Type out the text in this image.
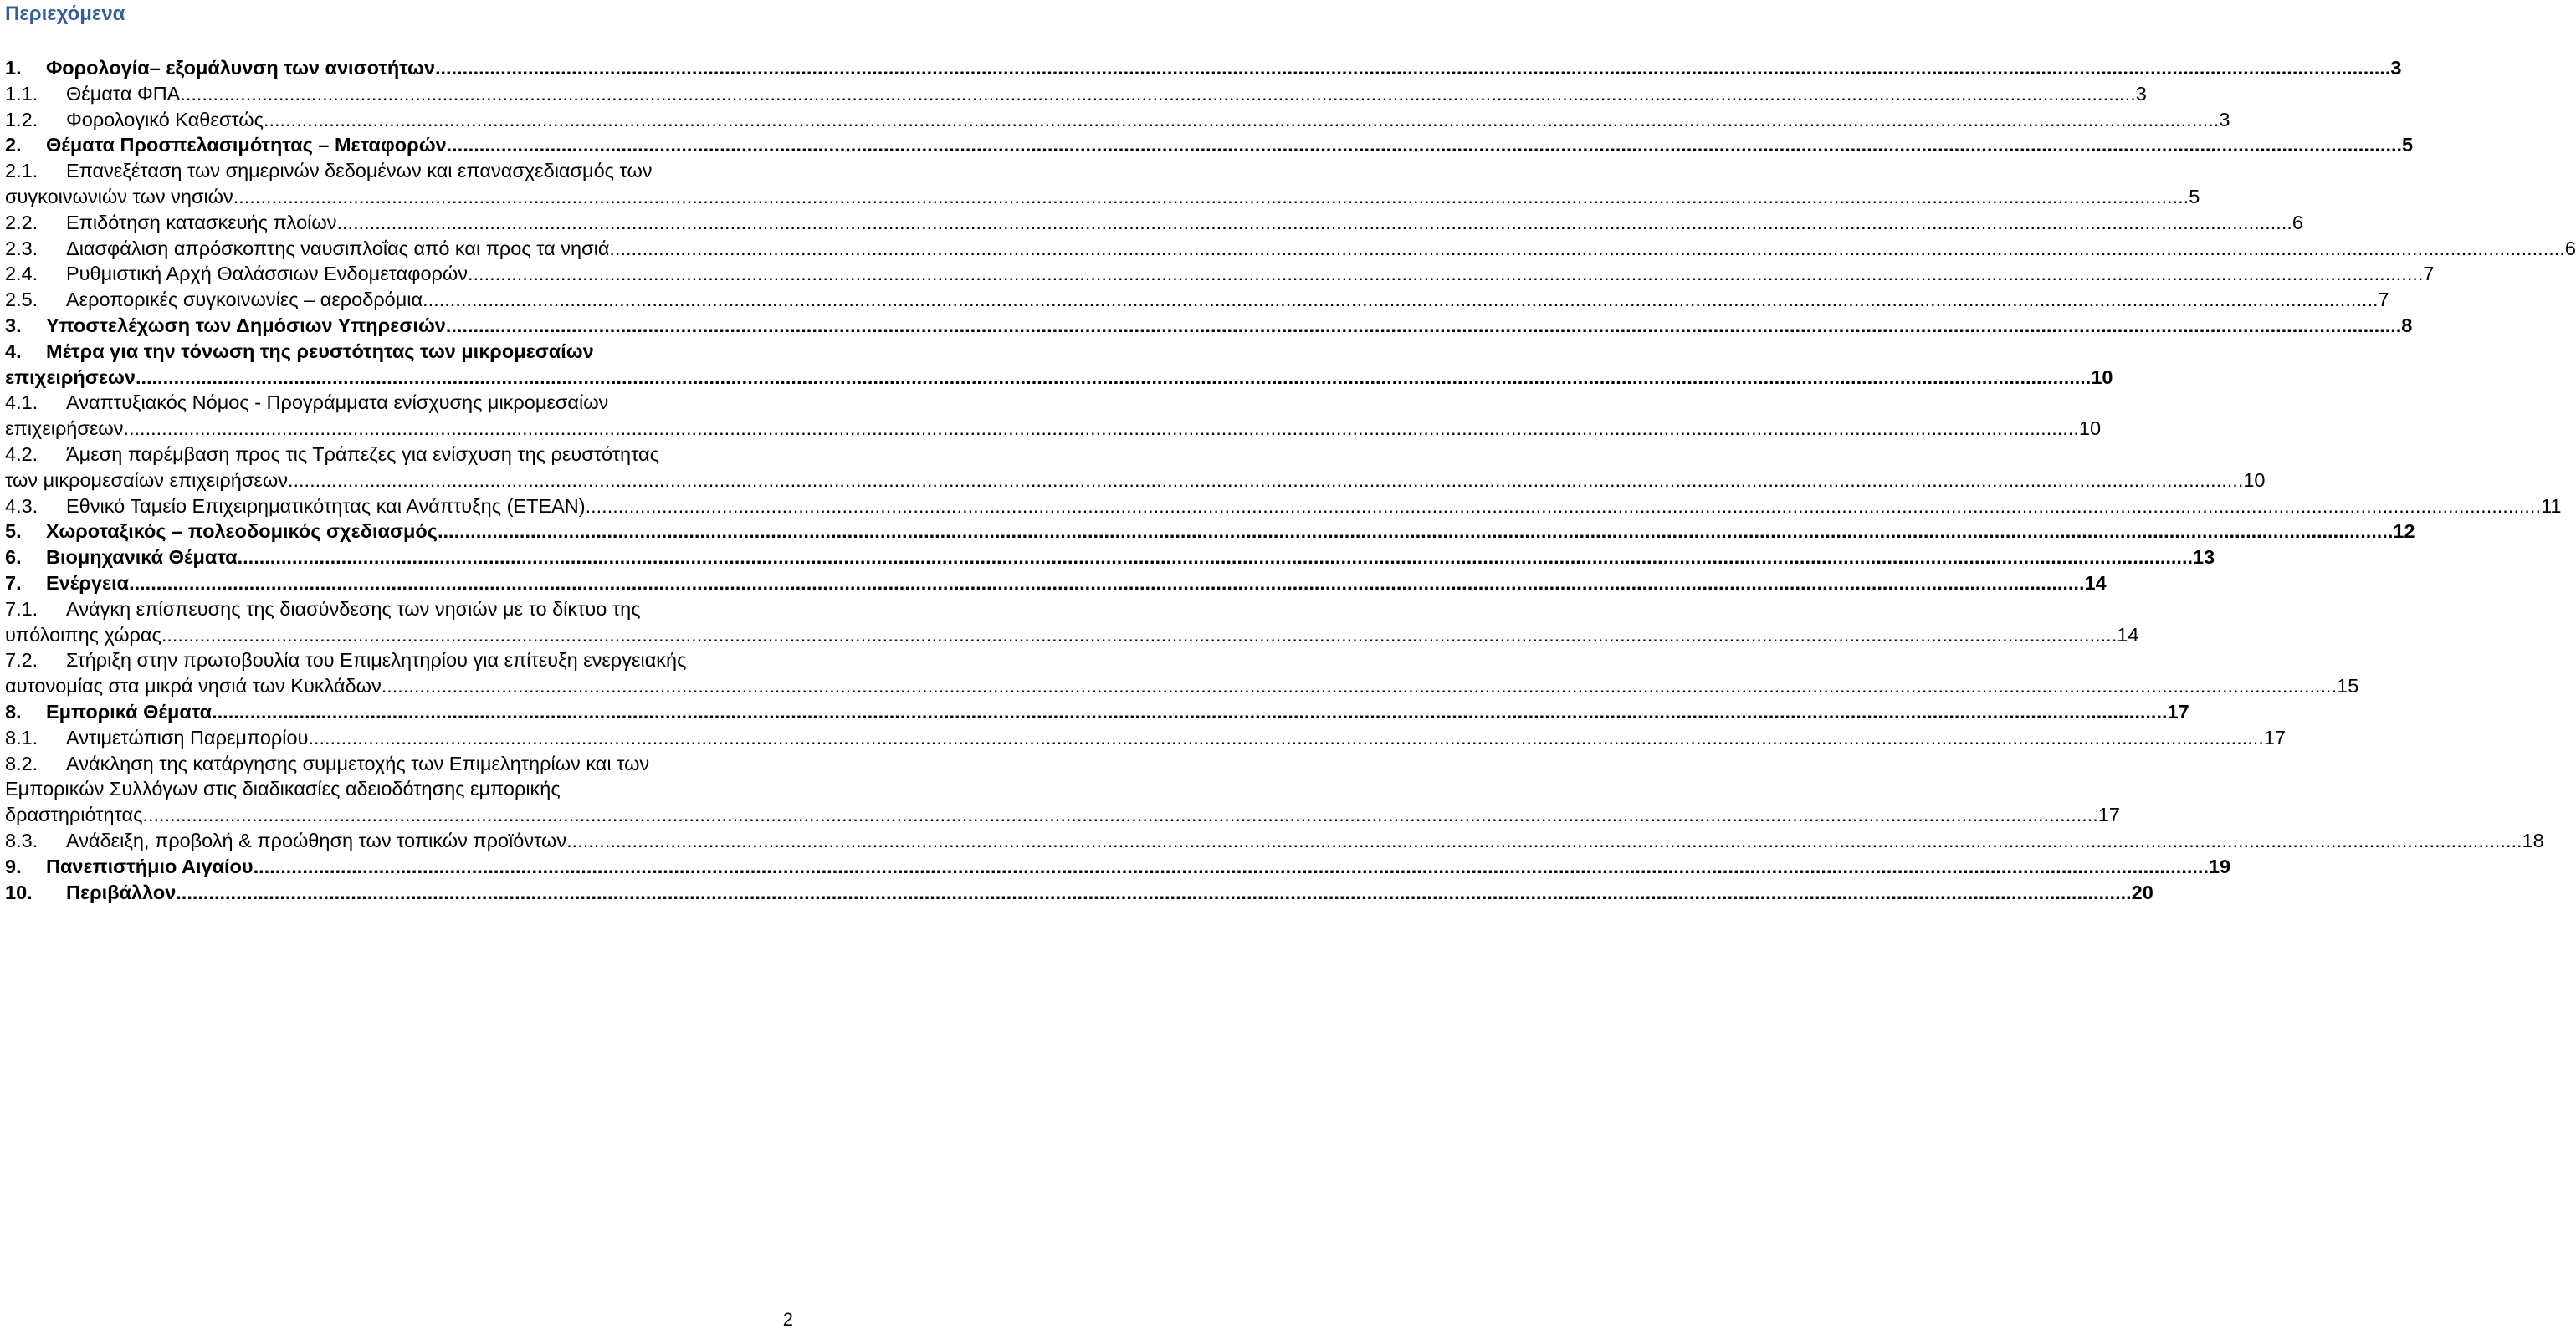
Περιεχόμενα
1.	Φορολογία– εξομάλυνση των ανισοτήτων .....	3
1.1.	Θέματα ΦΠΑ .....	3
1.2.	Φορολογικό Καθεστώς .....	3
2.	Θέματα Προσπελασιμότητας – Μεταφορών .....	5
2.1.	Επανεξέταση των σημερινών δεδομένων και επανασχεδιασμός των
συγκοινωνιών των νησιών .....	5
2.2.	Επιδότηση κατασκευής πλοίων .....	6
2.3.	Διασφάλιση απρόσκοπτης ναυσιπλοΐας από και προς τα νησιά .....	6
2.4.	Ρυθμιστική Αρχή Θαλάσσιων Ενδομεταφορών .....	7
2.5.	Αεροπορικές συγκοινωνίες – αεροδρόμια .....	7
3.	Υποστελέχωση των Δημόσιων Υπηρεσιών .....	8
4.	Μέτρα για την τόνωση της ρευστότητας των μικρομεσαίων
επιχειρήσεων .....	10
4.1.	Αναπτυξιακός Νόμος - Προγράμματα ενίσχυσης μικρομεσαίων
επιχειρήσεων .....	10
4.2.	Άμεση παρέμβαση προς τις Τράπεζες για ενίσχυση της ρευστότητας
των μικρομεσαίων επιχειρήσεων .....	10
4.3.	Εθνικό Ταμείο Επιχειρηματικότητας και Ανάπτυξης (ΕΤΕΑΝ) .....	11
5.	Χωροταξικός – πολεοδομικός σχεδιασμός .....	12
6.	Βιομηχανικά Θέματα .....	13
7.	Ενέργεια .....	14
7.1.	Ανάγκη επίσπευσης της διασύνδεσης των νησιών με το δίκτυο της
υπόλοιπης χώρας .....	14
7.2.	Στήριξη στην πρωτοβουλία του Επιμελητηρίου για επίτευξη ενεργειακής
αυτονομίας στα μικρά νησιά των Κυκλάδων .....	15
8.	Εμπορικά Θέματα .....	17
8.1.	Αντιμετώπιση Παρεμπορίου .....	17
8.2.	Ανάκληση της κατάργησης συμμετοχής των Επιμελητηρίων και των
Εμπορικών Συλλόγων στις διαδικασίες αδειοδότησης εμπορικής
δραστηριότητας .....	17
8.3.	Ανάδειξη, προβολή & προώθηση των τοπικών προϊόντων .....	18
9.	Πανεπιστήμιο Αιγαίου .....	19
10.	Περιβάλλον .....	20
2
